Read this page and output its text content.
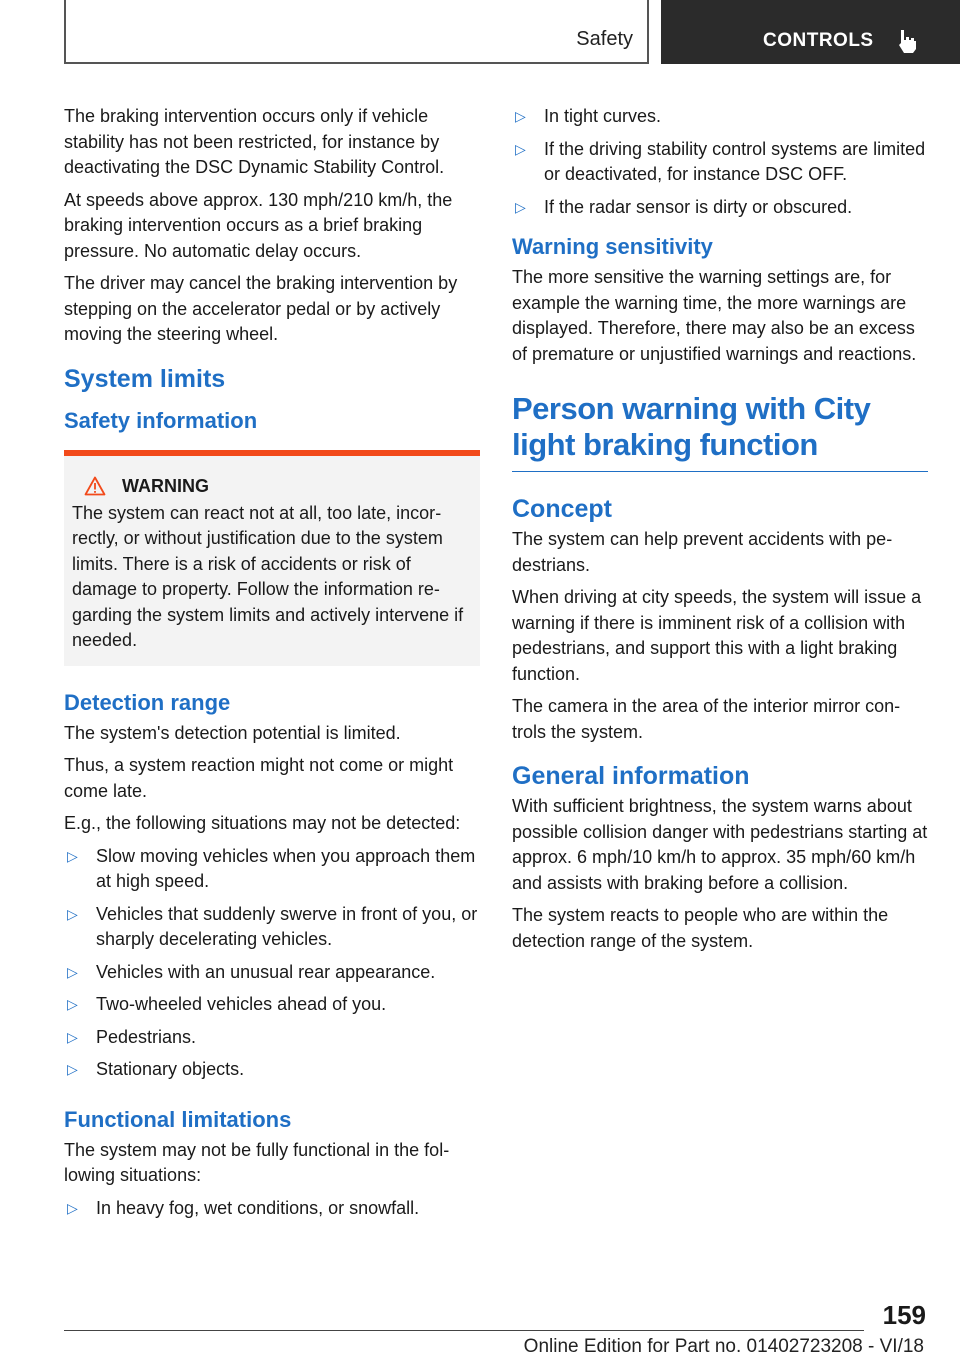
Safety	CONTROLS

The braking intervention occurs only if vehicle stability has not been restricted, for instance by deactivating the DSC Dynamic Stability Control.

At speeds above approx. 130 mph/210 km/h, the braking intervention occurs as a brief braking pressure. No automatic delay occurs.

The driver may cancel the braking intervention by stepping on the accelerator pedal or by actively moving the steering wheel.

System limits
Safety information
WARNING

The system can react not at all, too late, incorrectly, or without justification due to the system limits. There is a risk of accidents or risk of damage to property. Follow the information regarding the system limits and actively intervene if needed.

Detection range

The system's detection potential is limited.

Thus, a system reaction might not come or might come late.

E.g., the following situations may not be detected:

▷	Slow moving vehicles when you approach them at high speed.
▷	Vehicles that suddenly swerve in front of you, or sharply decelerating vehicles.
▷	Vehicles with an unusual rear appearance.
▷	Two-wheeled vehicles ahead of you.
▷	Pedestrians.
▷	Stationary objects.
Functional limitations

The system may not be fully functional in the following situations:

▷	In heavy fog, wet conditions, or snowfall.
▷	In tight curves.
▷	If the driving stability control systems are limited or deactivated, for instance DSC OFF.
▷	If the radar sensor is dirty or obscured.
Warning sensitivity

The more sensitive the warning settings are, for example the warning time, the more warnings are displayed. Therefore, there may also be an excess of premature or unjustified warnings and reactions.

Person warning with City light braking function
Concept

The system can help prevent accidents with pedestrians.

When driving at city speeds, the system will issue a warning if there is imminent risk of a collision with pedestrians, and support this with a light braking function.

The camera in the area of the interior mirror controls the system.

General information

With sufficient brightness, the system warns about possible collision danger with pedestrians starting at approx. 6 mph/10 km/h to approx. 35 mph/60 km/h and assists with braking before a collision.

The system reacts to people who are within the detection range of the system.

159
Online Edition for Part no. 01402723208 - VI/18
